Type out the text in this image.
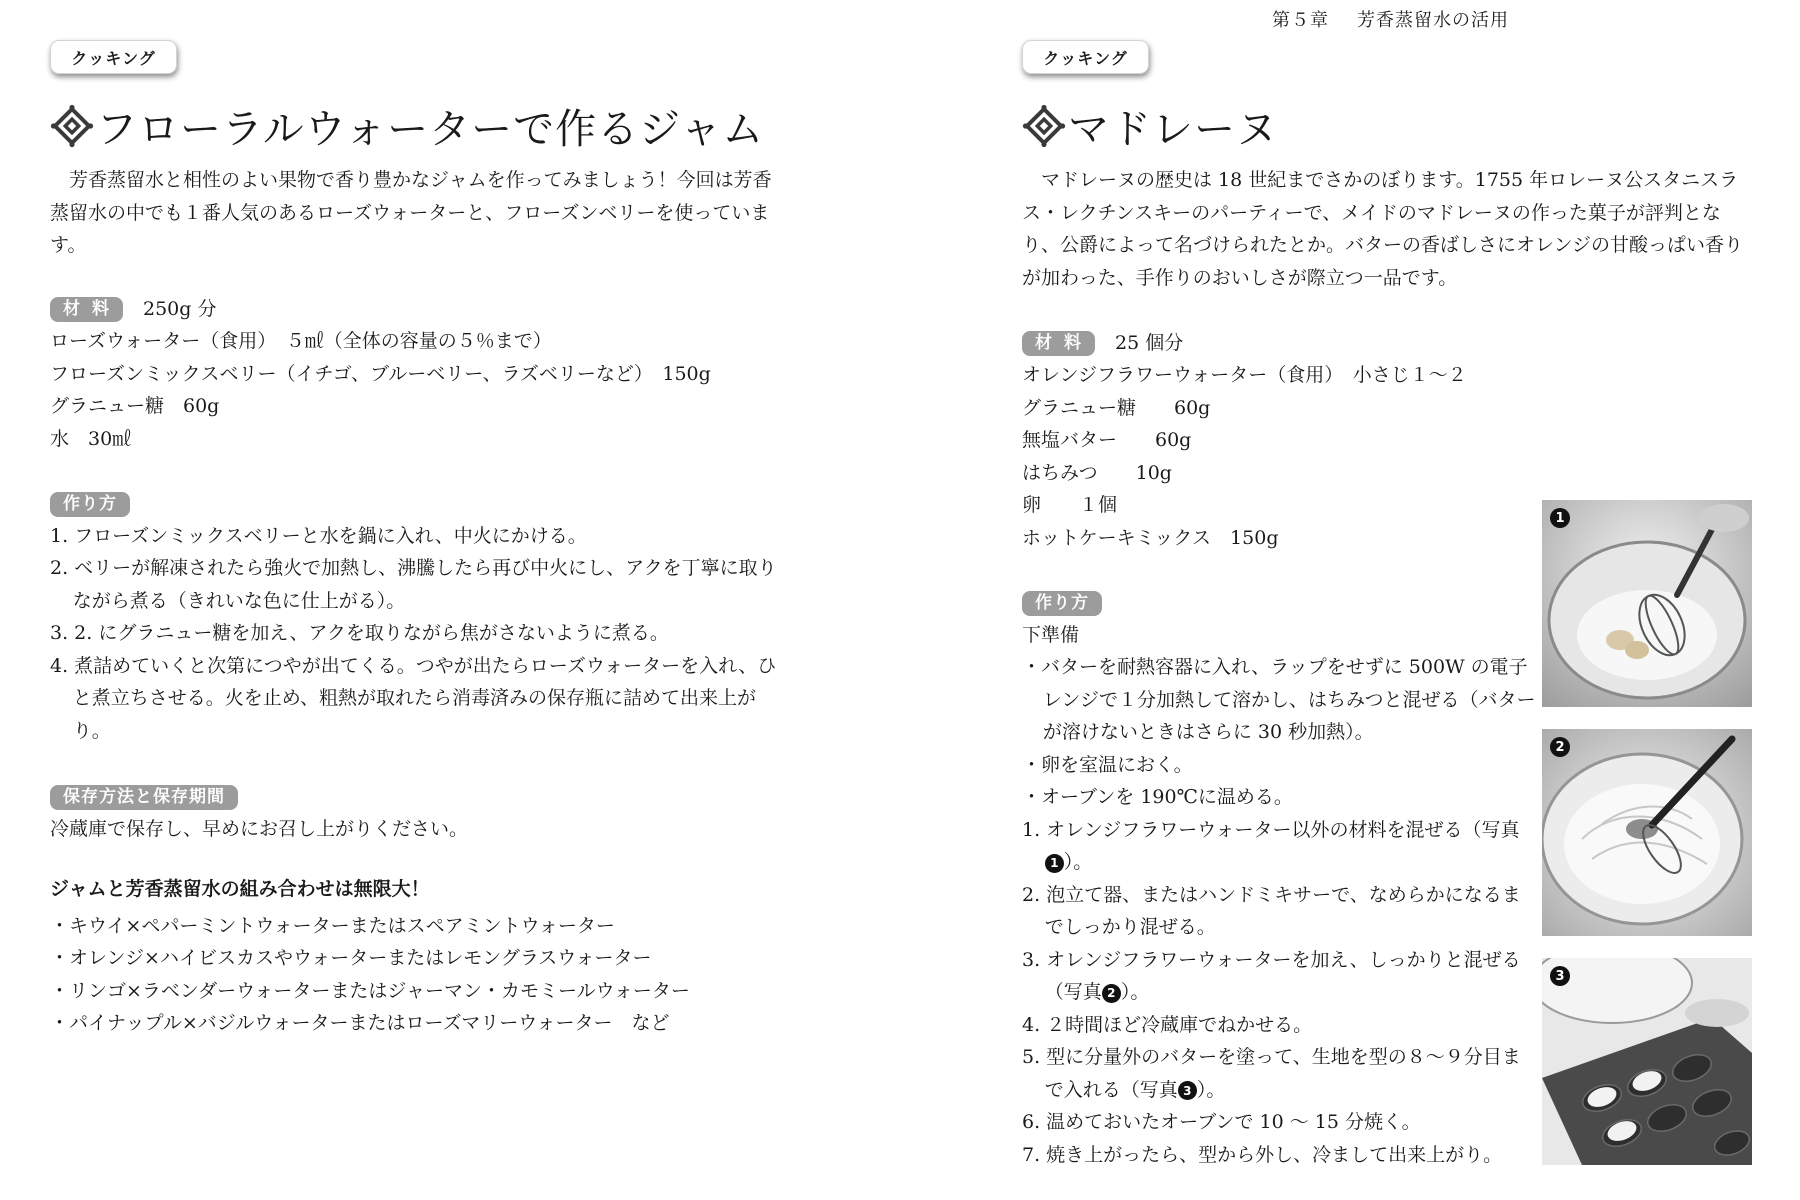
クッキング
フローラルウォーターで作るジャム

芳香蒸留水と相性のよい果物で香り豊かなジャムを作ってみましょう！今回は芳香蒸留水の中でも１番人気のあるローズウォーターと、フローズンベリーを使っています。

材料 250g 分
ローズウォーター（食用）　５㎖（全体の容量の５％まで）
フローズンミックスベリー（イチゴ、ブルーベリー、ラズベリーなど）　150g
グラニュー糖　60g
水　30㎖
作り方
1. フローズンミックスベリーと水を鍋に入れ、中火にかける。
2. ベリーが解凍されたら強火で加熱し、沸騰したら再び中火にし、アクを丁寧に取りながら煮る（きれいな色に仕上がる）。
3. 2. にグラニュー糖を加え、アクを取りながら焦がさないように煮る。
4. 煮詰めていくと次第につやが出てくる。つやが出たらローズウォーターを入れ、ひと煮立ちさせる。火を止め、粗熱が取れたら消毒済みの保存瓶に詰めて出来上がり。
保存方法と保存期間
冷蔵庫で保存し、早めにお召し上がりください。
ジャムと芳香蒸留水の組み合わせは無限大！
・キウイ×ペパーミントウォーターまたはスペアミントウォーター
・オレンジ×ハイビスカスやウォーターまたはレモングラスウォーター
・リンゴ×ラベンダーウォーターまたはジャーマン・カモミールウォーター
・パイナップル×バジルウォーターまたはローズマリーウォーター　など
第５章 芳香蒸留水の活用
クッキング
マドレーヌ

マドレーヌの歴史は 18 世紀までさかのぼります。1755 年ロレーヌ公スタニスラス・レクチンスキーのパーティーで、メイドのマドレーヌの作った菓子が評判となり、公爵によって名づけられたとか。バターの香ばしさにオレンジの甘酸っぱい香りが加わった、手作りのおいしさが際立つ一品です。

材料 25 個分
オレンジフラワーウォーター（食用）　小さじ１～２
グラニュー糖　　60g
無塩バター　　60g
はちみつ　　10g
卵　　１個
ホットケーキミックス　150g
作り方
下準備
・バターを耐熱容器に入れ、ラップをせずに 500W の電子レンジで１分加熱して溶かし、はちみつと混ぜる（バターが溶けないときはさらに 30 秒加熱）。
・卵を室温におく。
・オーブンを 190℃に温める。
1. オレンジフラワーウォーター以外の材料を混ぜる（写真1 ）。
2. 泡立て器、またはハンドミキサーで、なめらかになるまでしっかり混ぜる。
3. オレンジフラワーウォーターを加え、しっかりと混ぜる（写真 2 ）。
4. ２時間ほど冷蔵庫でねかせる。
5. 型に分量外のバターを塗って、生地を型の８～９分目まで入れる（写真 3 ）。
6. 温めておいたオーブンで 10 ～ 15 分焼く。
7. 焼き上がったら、型から外し、冷まして出来上がり。
1
2
3
